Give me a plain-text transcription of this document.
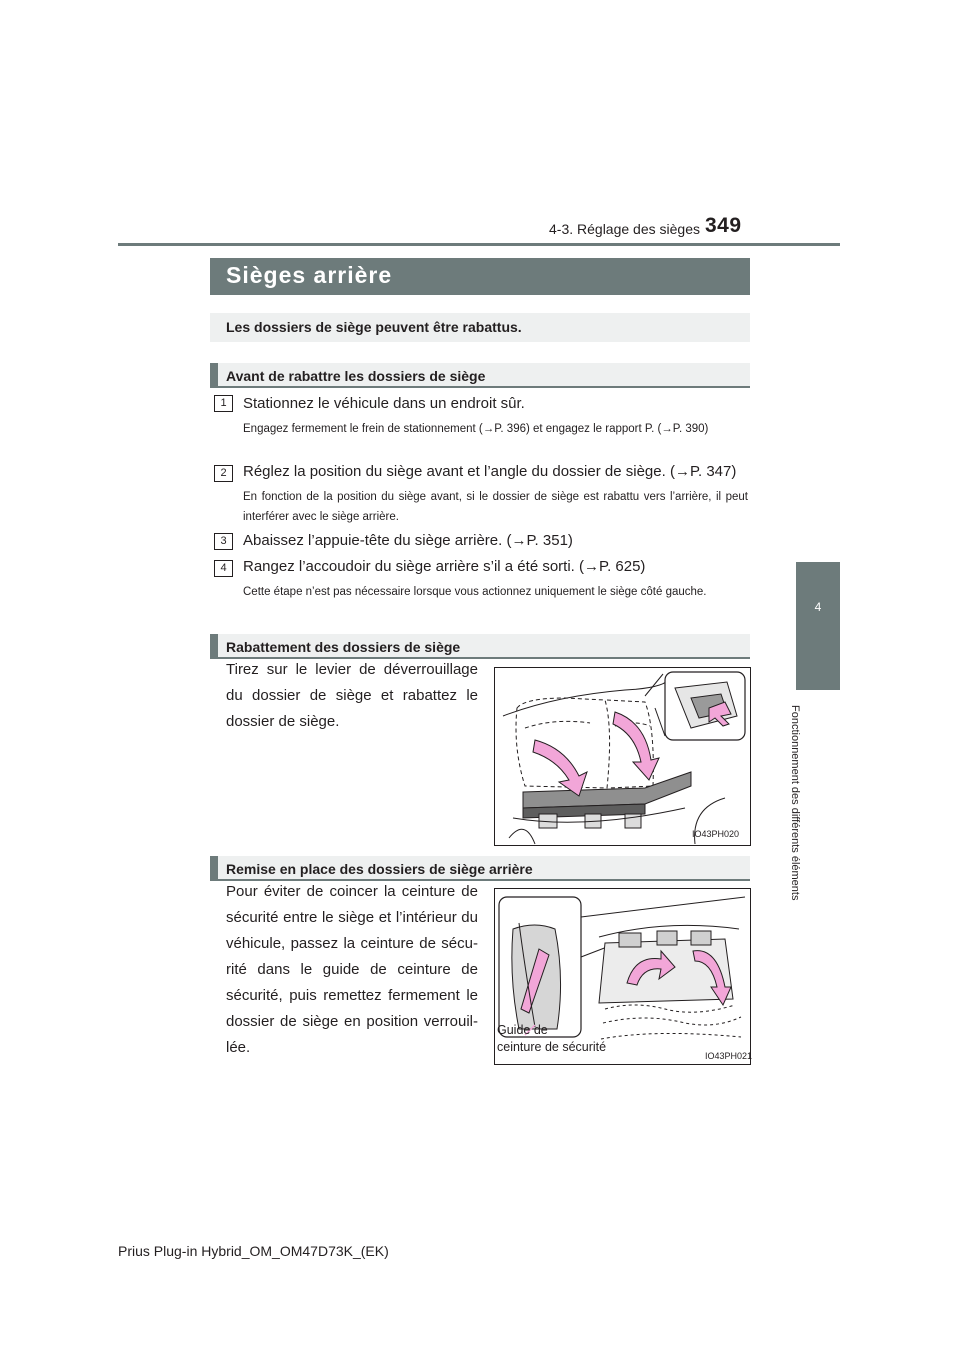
4-3. Réglage des sièges 349
4
Fonctionnement des différents éléments
Sièges arrière
Les dossiers de siège peuvent être rabattus.
Avant de rabattre les dossiers de siège
1	Stationnez le véhicule dans un endroit sûr.
Engagez fermement le frein de stationnement (→P. 396) et engagez le rapport P. (→P. 390)
2	Réglez la position du siège avant et l’angle du dossier de siège. (→P. 347)
En fonction de la position du siège avant, si le dossier de siège est rabattu vers l’arrière, il peut interférer avec le siège arrière.
3	Abaissez l’appuie-tête du siège arrière. (→P. 351)
4	Rangez l’accoudoir du siège arrière s’il a été sorti. (→P. 625)
Cette étape n’est pas nécessaire lorsque vous actionnez uniquement le siège côté gauche.
Rabattement des dossiers de siège
Tirez sur le levier de déverrouillage du dossier de siège et rabattez le dossier de siège.
IO43PH020
Remise en place des dossiers de siège arrière
Pour éviter de coincer la ceinture de sécurité entre le siège et l’intérieur du véhicule, passez la ceinture de sécu-rité dans le guide de ceinture de sécurité, puis remettez fermement le dossier de siège en position verrouil-lée.
Guide de
ceinture de sécurité
IO43PH021
Prius Plug-in Hybrid_OM_OM47D73K_(EK)
